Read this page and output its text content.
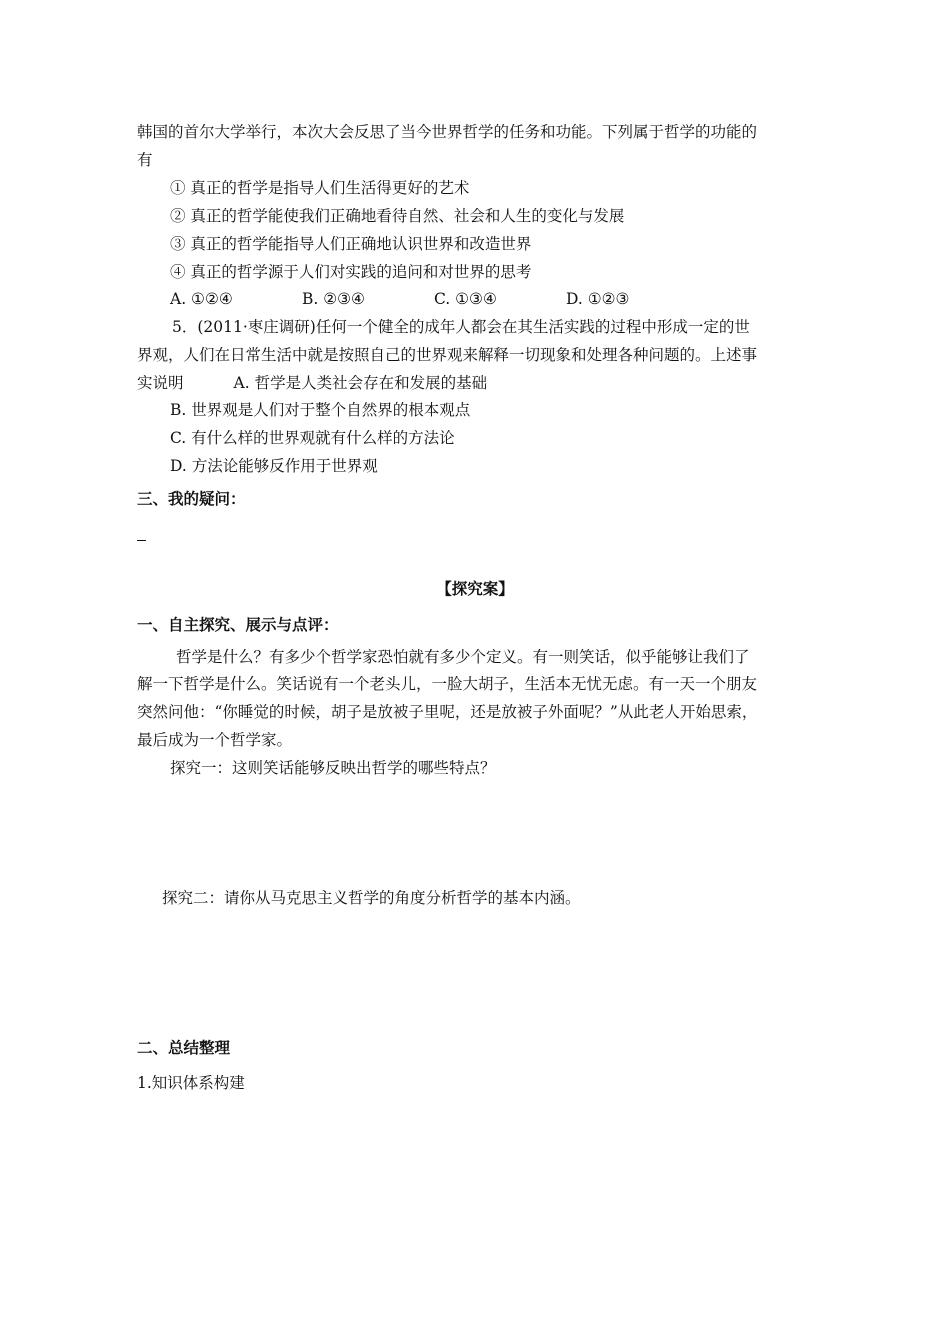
韩国的首尔大学举行，本次大会反思了当今世界哲学的任务和功能。下列属于哲学的功能的
有
① 真正的哲学是指导人们生活得更好的艺术
② 真正的哲学能使我们正确地看待自然、社会和人生的变化与发展
③ 真正的哲学能指导人们正确地认识世界和改造世界
④ 真正的哲学源于人们对实践的追问和对世界的思考
A. ①②④	B. ②③④	C. ①③④	D. ①②③
5．(2011·枣庄调研)任何一个健全的成年人都会在其生活实践的过程中形成一定的世
界观，人们在日常生活中就是按照自己的世界观来解释一切现象和处理各种问题的。上述事
实说明	A. 哲学是人类社会存在和发展的基础
B. 世界观是人们对于整个自然界的根本观点
C. 有什么样的世界观就有什么样的方法论
D. 方法论能够反作用于世界观
三、我的疑问：
【探究案】
一、自主探究、展示与点评：
哲学是什么？有多少个哲学家恐怕就有多少个定义。有一则笑话，似乎能够让我们了
解一下哲学是什么。笑话说有一个老头儿，一脸大胡子，生活本无忧无虑。有一天一个朋友
突然问他：“你睡觉的时候，胡子是放被子里呢，还是放被子外面呢？”从此老人开始思索，
最后成为一个哲学家。
探究一：这则笑话能够反映出哲学的哪些特点？
探究二：请你从马克思主义哲学的角度分析哲学的基本内涵。
二、总结整理
1.知识体系构建
